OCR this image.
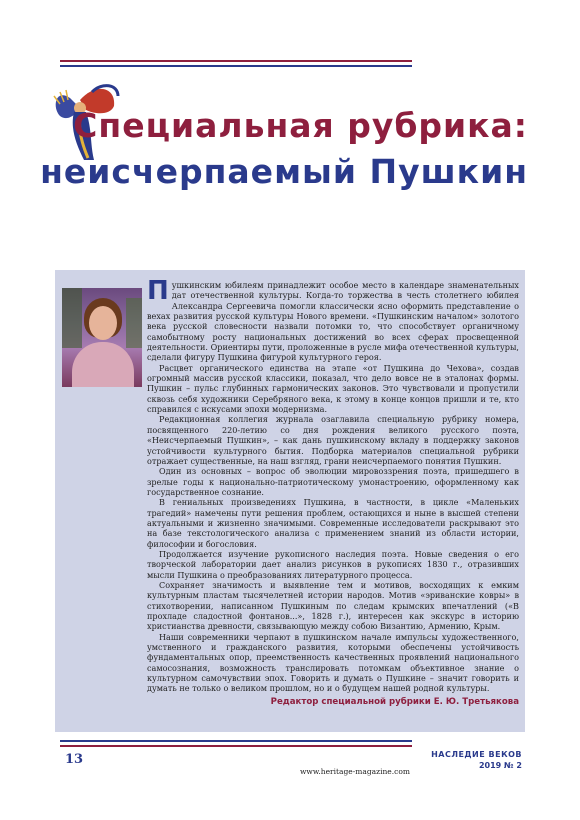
Специальная рубрика:
неисчерпаемый Пушкин

Пушкинским юбилеям принадлежит особое место в календаре знаменательных дат отечественной культуры. Когда-то торжества в честь столетнего юбилея Александра Сергеевича помогли классически ясно оформить представление о вехах развития русской культуры Нового времени. «Пушкинским началом» золотого века русской словесности назвали потомки то, что способствует органичному самобытному росту национальных достижений во всех сферах просвещенной деятельности. Ориентиры пути, проложенные в русле мифа отечественной культуры, сделали фигуру Пушкина фигурой культурного героя.

Расцвет органического единства на этапе «от Пушкина до Чехова», создав огромный массив русской классики, показал, что дело вовсе не в эталонах формы. Пушкин – пульс глубинных гармонических законов. Это чувствовали и пропустили сквозь себя художники Серебряного века, к этому в конце концов пришли и те, кто справился с искусами эпохи модернизма.

Редакционная коллегия журнала озаглавила специальную рубрику номера, посвященного 220-летию со дня рождения великого русского поэта, «Неисчерпаемый Пушкин», – как дань пушкинскому вкладу в поддержку законов устойчивости культурного бытия. Подборка материалов специальной рубрики отражает существенные, на наш взгляд, грани неисчерпаемого понятия Пушкин.

Один из основных – вопрос об эволюции мировоззрения поэта, пришедшего в зрелые годы к национально-патриотическому умонастроению, оформленному как государственное сознание.

В гениальных произведениях Пушкина, в частности, в цикле «Маленьких трагедий» намечены пути решения проблем, остающихся и ныне в высшей степени актуальными и жизненно значимыми. Современные исследователи раскрывают это на базе текстологического анализа с применением знаний из области истории, философии и богословия.

Продолжается изучение рукописного наследия поэта. Новые сведения о его творческой лаборатории дает анализ рисунков в рукописях 1830 г., отразивших мысли Пушкина о преобразованиях литературного процесса.

Сохраняет значимость и выявление тем и мотивов, восходящих к емким культурным пластам тысячелетней истории народов. Мотив «эриванские ковры» в стихотворении, написанном Пушкиным по следам крымских впечатлений («В прохладе сладостной фонтанов...», 1828 г.), интересен как экскурс в историю христианства древности, связывающую между собою Византию, Армению, Крым.

Наши современники черпают в пушкинском начале импульсы художественного, умственного и гражданского развития, которыми обеспечены устойчивость фундаментальных опор, преемственность качественных проявлений национального самосознания, возможность транслировать потомкам объективное знание о культурном самочувствии эпох. Говорить и думать о Пушкине – значит говорить и думать не только о великом прошлом, но и о будущем нашей родной культуры.

Редактор специальной рубрики Е. Ю. Третьякова

13

www.heritage-magazine.com
НАСЛЕДИЕ ВЕКОВ
2019 № 2
